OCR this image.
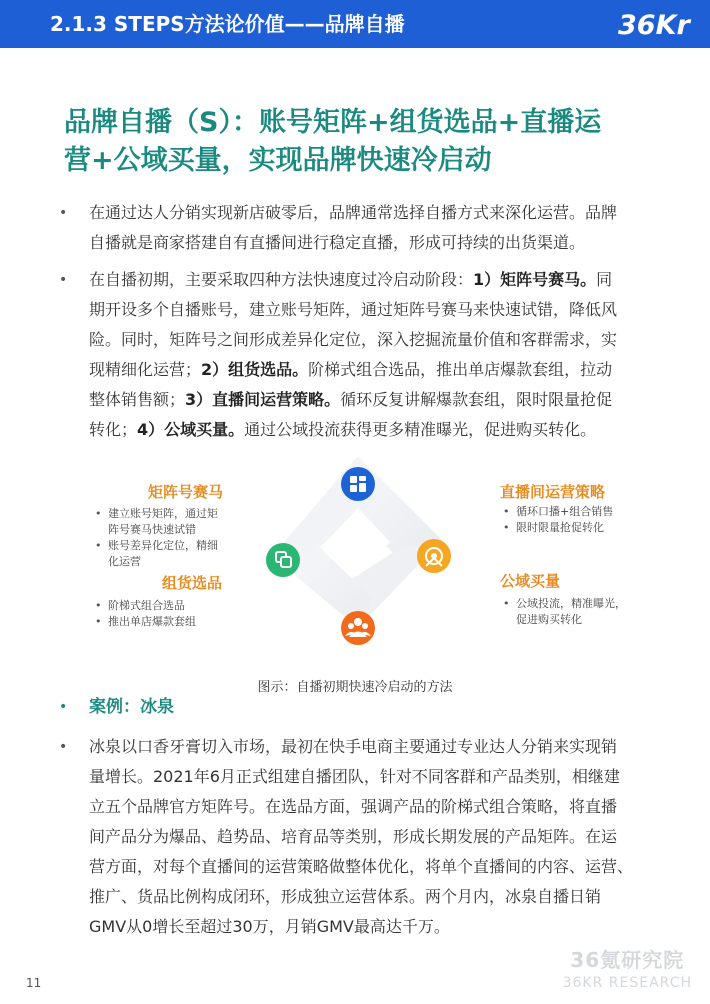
2.1.3 STEPS方法论价值——品牌自播	36Kr
品牌自播（S）：账号矩阵+组货选品+直播运
营+公域买量，实现品牌快速冷启动
• 在通过达人分销实现新店破零后，品牌通常选择自播方式来深化运营。品牌
自播就是商家搭建自有直播间进行稳定直播，形成可持续的出货渠道。
• 在自播初期，主要采取四种方法快速度过冷启动阶段：1）矩阵号赛马。同
期开设多个自播账号，建立账号矩阵，通过矩阵号赛马来快速试错，降低风
险。同时，矩阵号之间形成差异化定位，深入挖掘流量价值和客群需求，实
现精细化运营；2）组货选品。阶梯式组合选品，推出单店爆款套组，拉动
整体销售额；3）直播间运营策略。循环反复讲解爆款套组，限时限量抢促
转化；4）公域买量。通过公域投流获得更多精准曝光，促进购买转化。
矩阵号赛马
• 建立账号矩阵，通过矩
阵号赛马快速试错
• 账号差异化定位，精细
化运营
组货选品
• 阶梯式组合选品
• 推出单店爆款套组
直播间运营策略
• 循环口播+组合销售
• 限时限量抢促转化
公域买量
• 公域投流，精准曝光，
促进购买转化
图示：自播初期快速冷启动的方法
• 案例：冰泉
• 冰泉以口香牙膏切入市场，最初在快手电商主要通过专业达人分销来实现销
量增长。2021年6月正式组建自播团队，针对不同客群和产品类别，相继建
立五个品牌官方矩阵号。在选品方面，强调产品的阶梯式组合策略，将直播
间产品分为爆品、趋势品、培育品等类别，形成长期发展的产品矩阵。在运
营方面，对每个直播间的运营策略做整体优化，将单个直播间的内容、运营、
推广、货品比例构成闭环，形成独立运营体系。两个月内，冰泉自播日销
GMV从0增长至超过30万，月销GMV最高达千万。
11
36氪研究院
36KR RESEARCH
